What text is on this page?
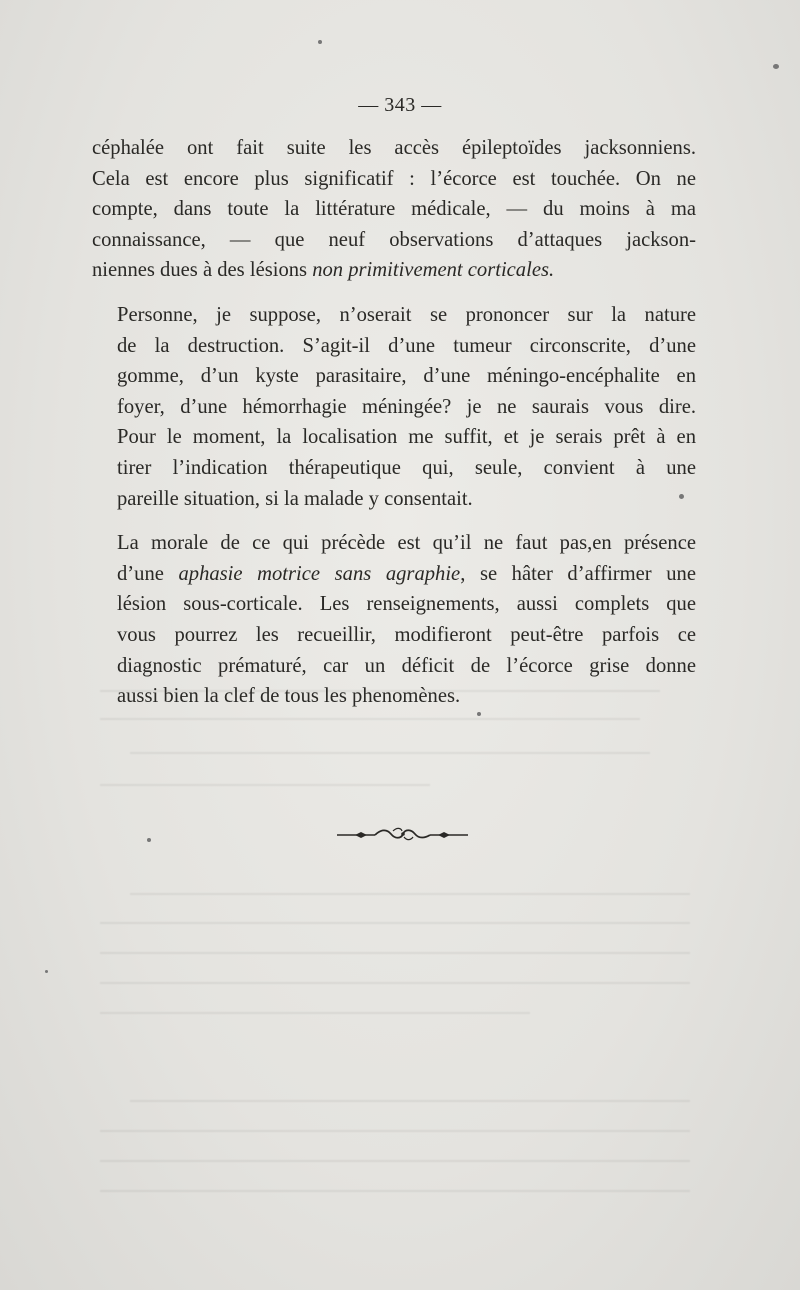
— 343 —

céphalée ont fait suite les accès épileptoïdes jacksonniens.
Cela est encore plus significatif : l’écorce est touchée. On ne
compte, dans toute la littérature médicale, — du moins à ma
connaissance, — que neuf observations d’attaques jackson-
niennes dues à des lésions non primitivement corticales.

Personne, je suppose, n’oserait se prononcer sur la nature
de la destruction. S’agit-il d’une tumeur circonscrite, d’une
gomme, d’un kyste parasitaire, d’une méningo-encéphalite en
foyer, d’une hémorrhagie méningée? je ne saurais vous dire.
Pour le moment, la localisation me suffit, et je serais prêt à en
tirer l’indication thérapeutique qui, seule, convient à une
pareille situation, si la malade y consentait.

La morale de ce qui précède est qu’il ne faut pas,en présence
d’une aphasie motrice sans agraphie, se hâter d’affirmer une
lésion sous-corticale. Les renseignements, aussi complets que
vous pourrez les recueillir, modifieront peut-être parfois ce
diagnostic prématuré, car un déficit de l’écorce grise donne
aussi bien la clef de tous les phenomènes.
